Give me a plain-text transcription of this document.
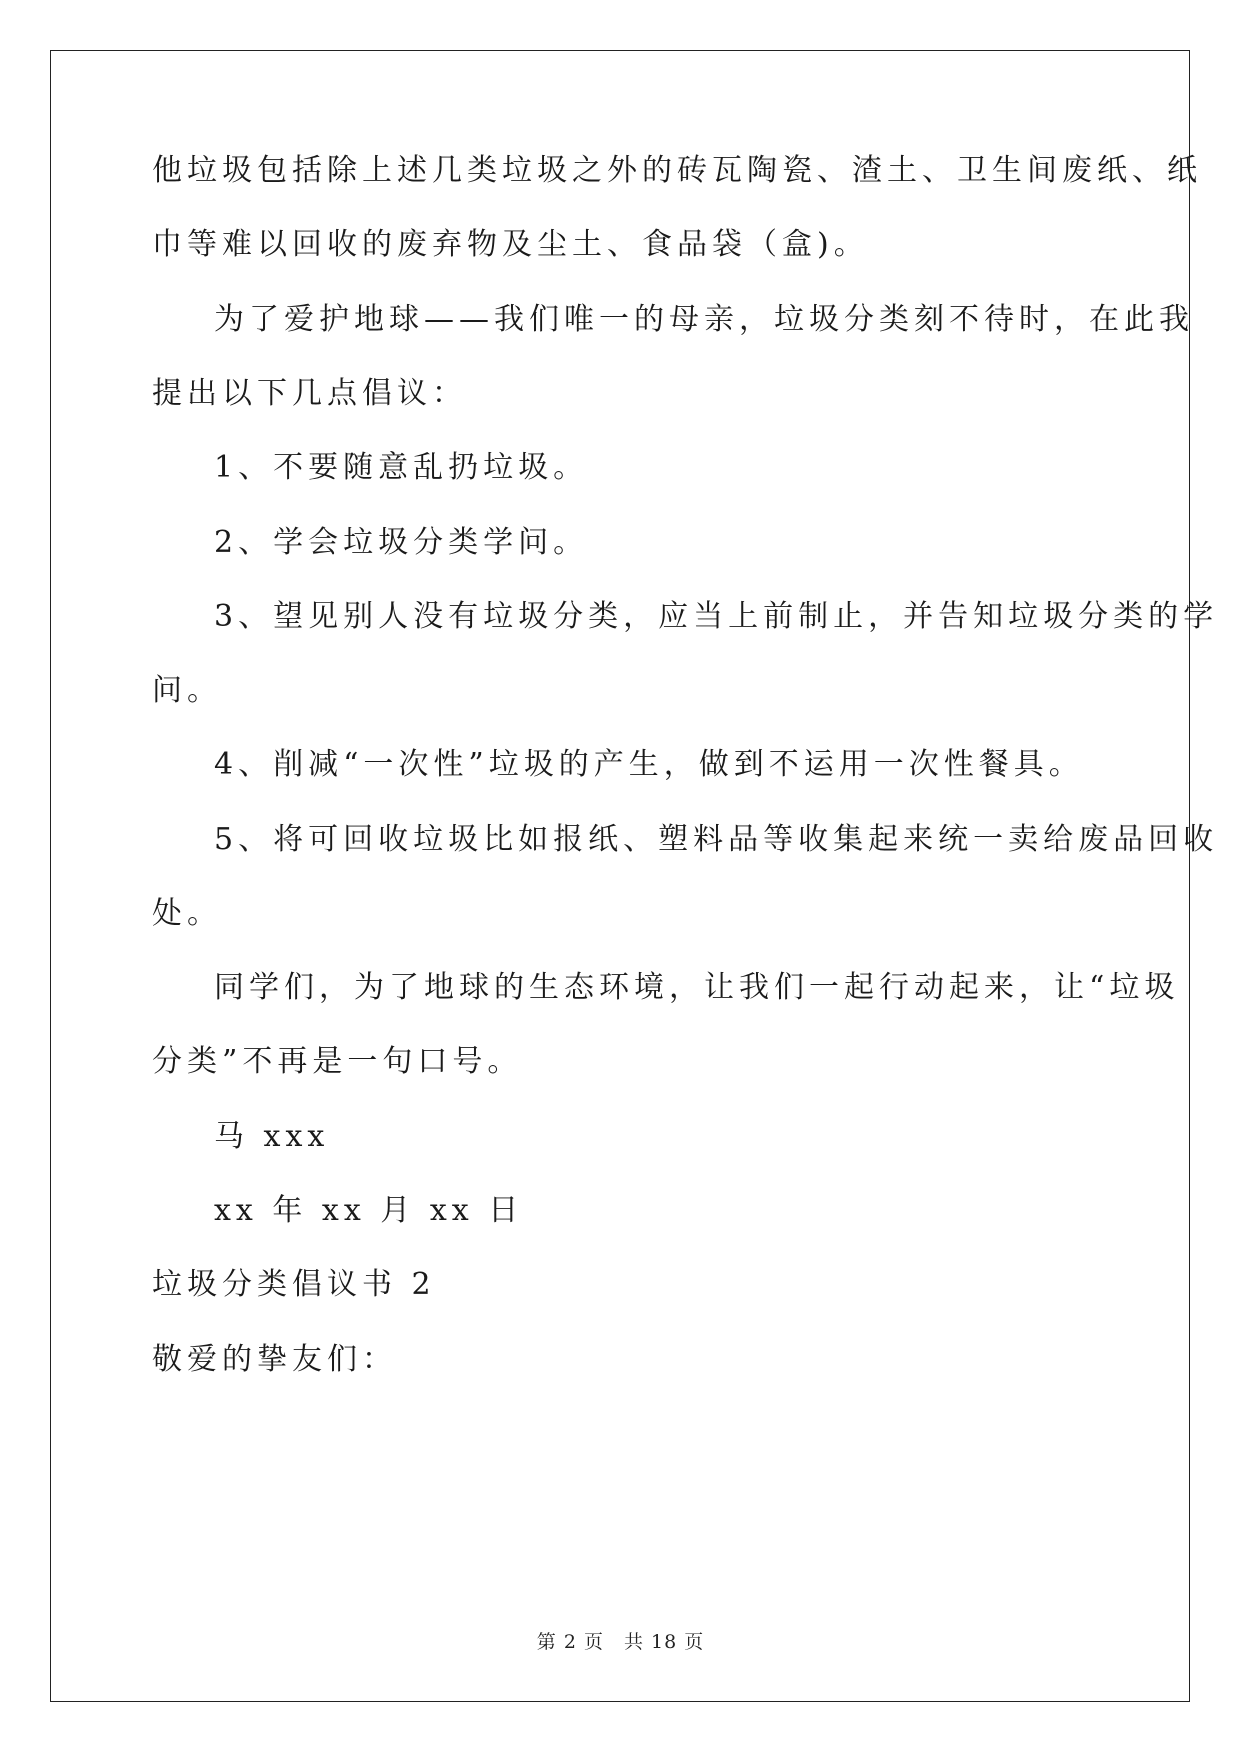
他垃圾包括除上述几类垃圾之外的砖瓦陶瓷、渣土、卫生间废纸、纸
巾等难以回收的废弃物及尘土、食品袋（盒)。
为了爱护地球——我们唯一的母亲，垃圾分类刻不待时，在此我
提出以下几点倡议：
1、不要随意乱扔垃圾。
2、学会垃圾分类学问。
3、望见别人没有垃圾分类，应当上前制止，并告知垃圾分类的学
问。
4、削减“一次性”垃圾的产生，做到不运用一次性餐具。
5、将可回收垃圾比如报纸、塑料品等收集起来统一卖给废品回收
处。
同学们，为了地球的生态环境，让我们一起行动起来，让“垃圾
分类”不再是一句口号。
马 xxx
xx 年 xx 月 xx 日
垃圾分类倡议书 2
敬爱的挚友们：
第 2 页 共 18 页
